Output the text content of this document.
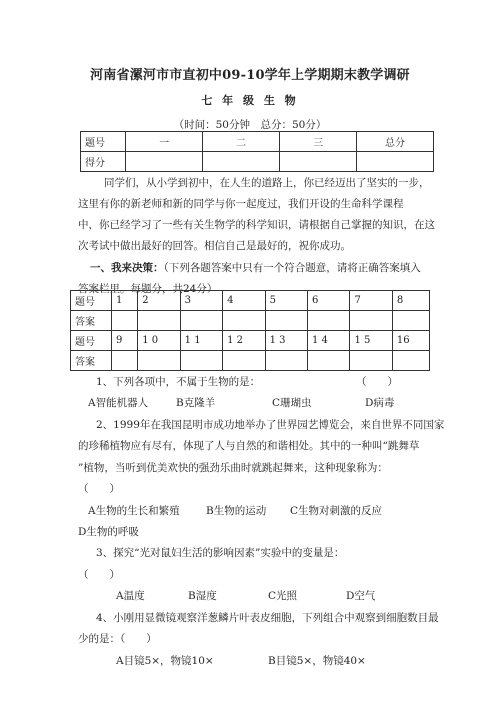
河南省漯河市市直初中09-10学年上学期期末教学调研
七 年 级 生 物
（时间：50分钟　总分：50分）
题号	一	二	三	总分
得分				
同学们，从小学到初中，在人生的道路上，你已经迈出了坚实的一步，
这里有你的新老师和新的同学与你一起度过，我们开设的生命科学课程
中，你已经学习了一些有关生物学的科学知识，请根据自己掌握的知识，在这
次考试中做出最好的回答。相信自己是最好的，祝你成功。
一、我来决策：（下列各题答案中只有一个符合题意，请将正确答案填入
答案栏里。每题分，共24分）
题号	1	2	3	4	5	6	7	8
答案								
题号	9	1 0	1 1	1 2	1 3	1 4	1 5	16
答案								
1、下列各项中，不属于生物的是：	（　　）
A智能机器人	B克隆羊	C珊瑚虫	D病毒
2、1999年在我国昆明市成功地举办了世界园艺博览会，来自世界不同国家
的珍稀植物应有尽有，体现了人与自然的和谐相处。其中的一种叫“跳舞草
”植物，当听到优美欢快的强劲乐曲时就跳起舞来，这种现象称为：
（　　）
A生物的生长和繁殖	B生物的运动 C生物对刺激的反应
D生物的呼吸
3、探究“光对鼠妇生活的影响因素”实验中的变量是：
（　　）
A温度	B湿度	C光照	D空气
4、小刚用显微镜观察洋葱鳞片叶表皮细胞，下列组合中观察到细胞数目最
少的是：（　　）
A目镜5×，物镜10×	B目镜5×，物镜40×
